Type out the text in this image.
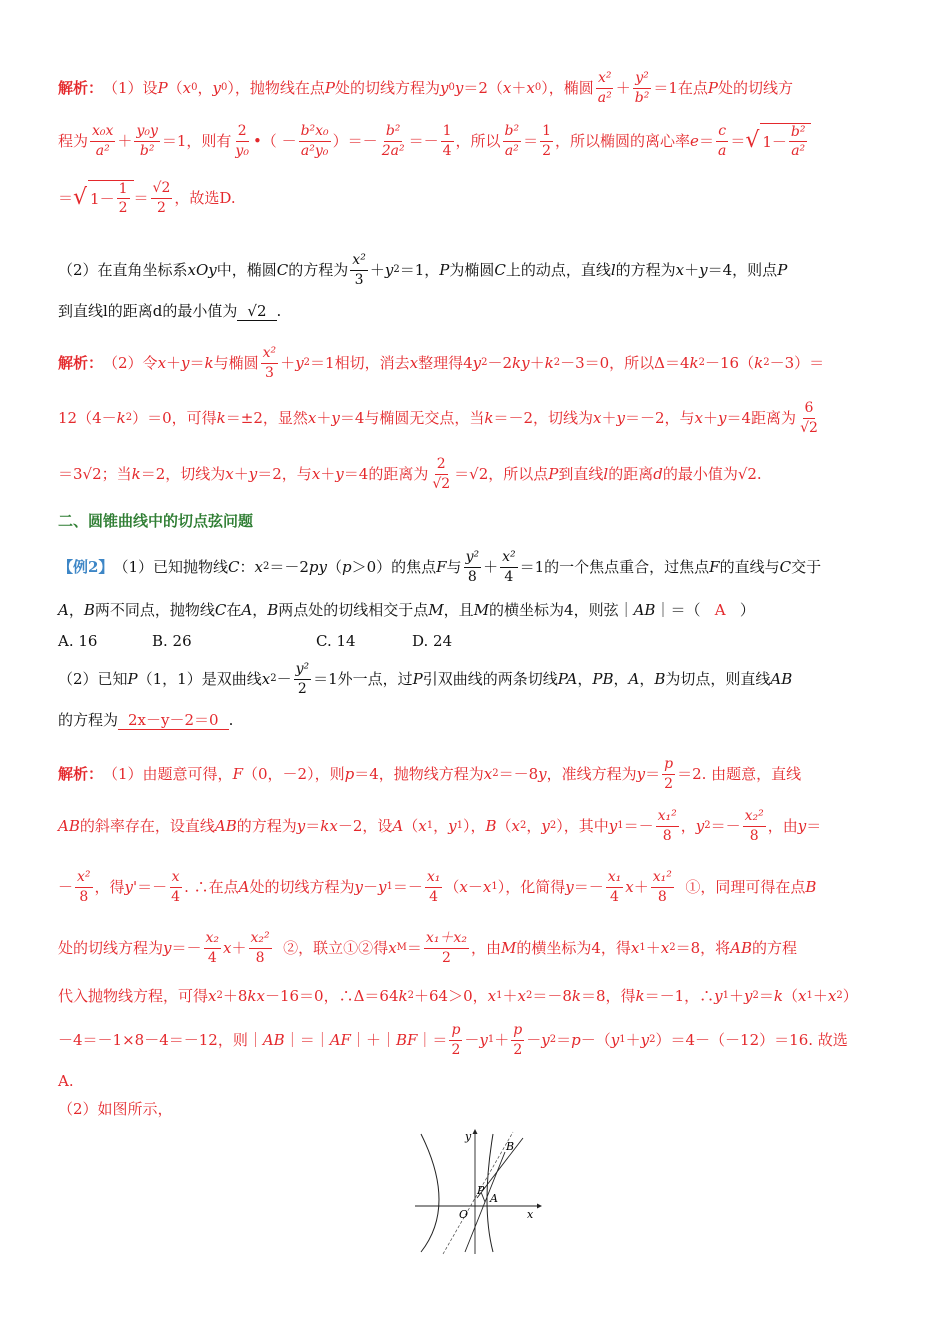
解析： （1）设 P （ x 0 ， y 0 ），抛物线在点 P 处的切线方程为 y 0 y ＝2（ x ＋ x 0 ），椭圆 $\frac{\text{x²}}{\text{a²}} + \frac{\text{y²}}{\text{b²}} =1$在点 P 处的切线方
程为 $\frac{\text{x₀x}}{\text{a²}} + \frac{\text{y₀y}}{\text{b²}} =1$，则有 $\frac{2}{\text{y₀}}$ •（ － $\frac{\text{b²x₀}}{\text{a²y₀}}$ ）＝－ $\frac{\text{b²}}{\text{2a²}} =- \frac{1}{4}$ ，所以 $\frac{\text{b²}}{\text{a²}} = \frac{1}{2}$ ，所以椭圆的离心率 $e = \frac{c}{a}$ ＝ √ $1- \frac{\text{b²}}{\text{a²}}$
＝ √ $1- \frac{1}{2} = \frac{√2}{2}$ ，故选D.
（2）在直角坐标系 xOy 中，椭圆 C 的方程为 $\frac{\text{x²}}{3} + y$ 2 ＝1， P 为椭圆 C 上的动点，直线 l 的方程为 x ＋ y ＝4，则点 P
到直线l的距离d的最小值为 √2 .
解析： （2）令 x ＋ y ＝ k 与椭圆 $\frac{\text{x²}}{3} + y$ 2 ＝1相切，消去 x 整理得4 y 2 －2 ky ＋ k 2 －3＝0，所以Δ＝4 k 2 －16（ k 2 －3）＝
12（4－ k 2 ）＝0，可得 k ＝±2，显然 x ＋ y ＝4与椭圆无交点，当 k ＝－2，切线为 x ＋ y ＝－2，与 x ＋ y ＝4距离为 $\frac{6}{√2}$
＝3√2；当 k ＝2，切线为 x ＋ y ＝2，与 x ＋ y ＝4的距离为 $\frac{2}{√2} =√2$，所以点 P 到直线 l 的距离 d 的最小值为√2.
二、圆锥曲线中的切点弦问题
【例2】 （1）已知抛物线 C ： x 2 ＝－2 py （ p ＞0）的焦点 F 与 $\frac{\text{y²}}{8} + \frac{\text{x²}}{4} =1$的一个焦点重合，过焦点 F 的直线与 C 交于
A ， B 两不同点，抛物线 C 在 A ， B 两点处的切线相交于点 M ，且 M 的横坐标为4，则弦｜ AB ｜＝（ A
）
A. 16	B. 26	C. 14	D. 24
（2）已知 P （1，1）是双曲线 x $2 - \frac{\text{y²}}{2} =1$外一点，过 P 引双曲线的两条切线 PA ， PB ， A ， B 为切点，则直线 AB
的方程为 2x－y－2＝0 .
解析： （1）由题意可得， F （0，－2），则 p ＝4，抛物线方程为 x 2 ＝－8 y ，准线方程为 $y = \frac{p}{2} =2$. 由题意，直线
AB 的斜率存在，设直线 AB 的方程为 y ＝ kx －2，设 A （ x 1 ， y 1 ）， B （ x 2 ， y 2 ），其中 y $1 =- \frac{\text{x₁²}}{8}$ ， y $2 =- \frac{\text{x₂²}}{8}$ ，由 y ＝
－ $\frac{\text{x²}}{8}$ ，得 $y' =- \frac{x}{4}$ . ∴在点 A 处的切线方程为 y － y $1 =- \frac{\text{x₁}}{4}$ （ x － x 1 ），化简得 $y =- \frac{\text{x₁}}{4}$ $x + \frac{\text{x₁²}}{8}$ ①，同理可得在点 B
处的切线方程为 $y =- \frac{\text{x₂}}{4}$ $x + \frac{\text{x₂²}}{8}$ ②，联立①②得 x $M = \frac{\text{x₁＋x₂}}{2}$ ，由 M 的横坐标为4，得 x 1 ＋ x 2 ＝8，将 AB 的方程
代入抛物线方程，可得 x 2 ＋8 kx －16＝0，∴Δ＝64 k 2 ＋64＞0， x 1 ＋ x 2 ＝－8 k ＝8，得 k ＝－1，∴ y 1 ＋ y 2 ＝ k （ x 1 ＋ x 2 ）
－4＝－1×8－4＝－12，则｜ AB ｜＝｜ AF ｜＋｜ BF ｜＝ $\frac{p}{2} - y$ $1 + \frac{p}{2} - y$ 2 ＝ p －（ y 1 ＋ y 2 ）＝4－（－12）＝16. 故选
A.
（2）如图所示，
y
x
O
P
A
B
